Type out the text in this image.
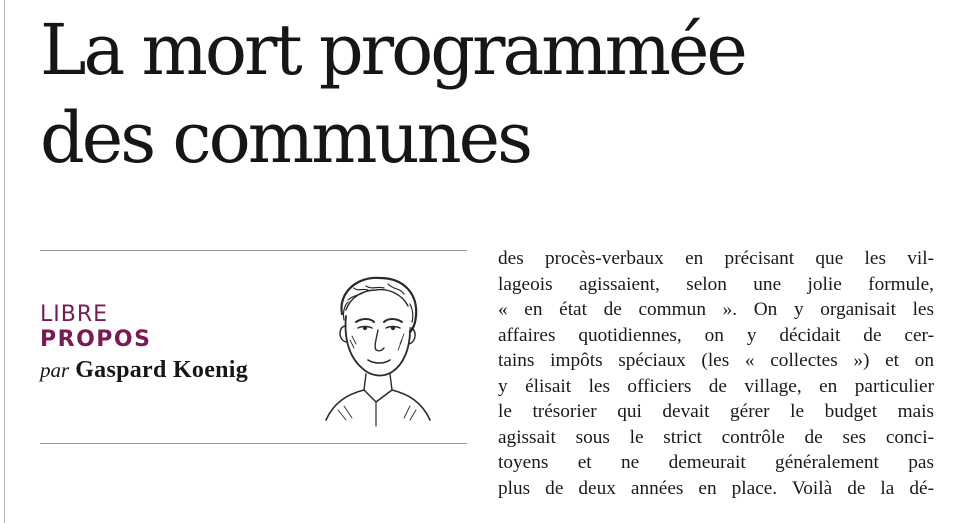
La mort programmée
des communes
LIBRE
PROPOS
par Gaspard Koenig
des procès-verbaux en précisant que les vil-
lageois agissaient, selon une jolie formule,
« en état de commun ». On y organisait les
affaires quotidiennes, on y décidait de cer-
tains impôts spéciaux (les « collectes ») et on
y élisait les officiers de village, en particulier
le trésorier qui devait gérer le budget mais
agissait sous le strict contrôle de ses conci-
toyens et ne demeurait généralement pas
plus de deux années en place. Voilà de la dé-
